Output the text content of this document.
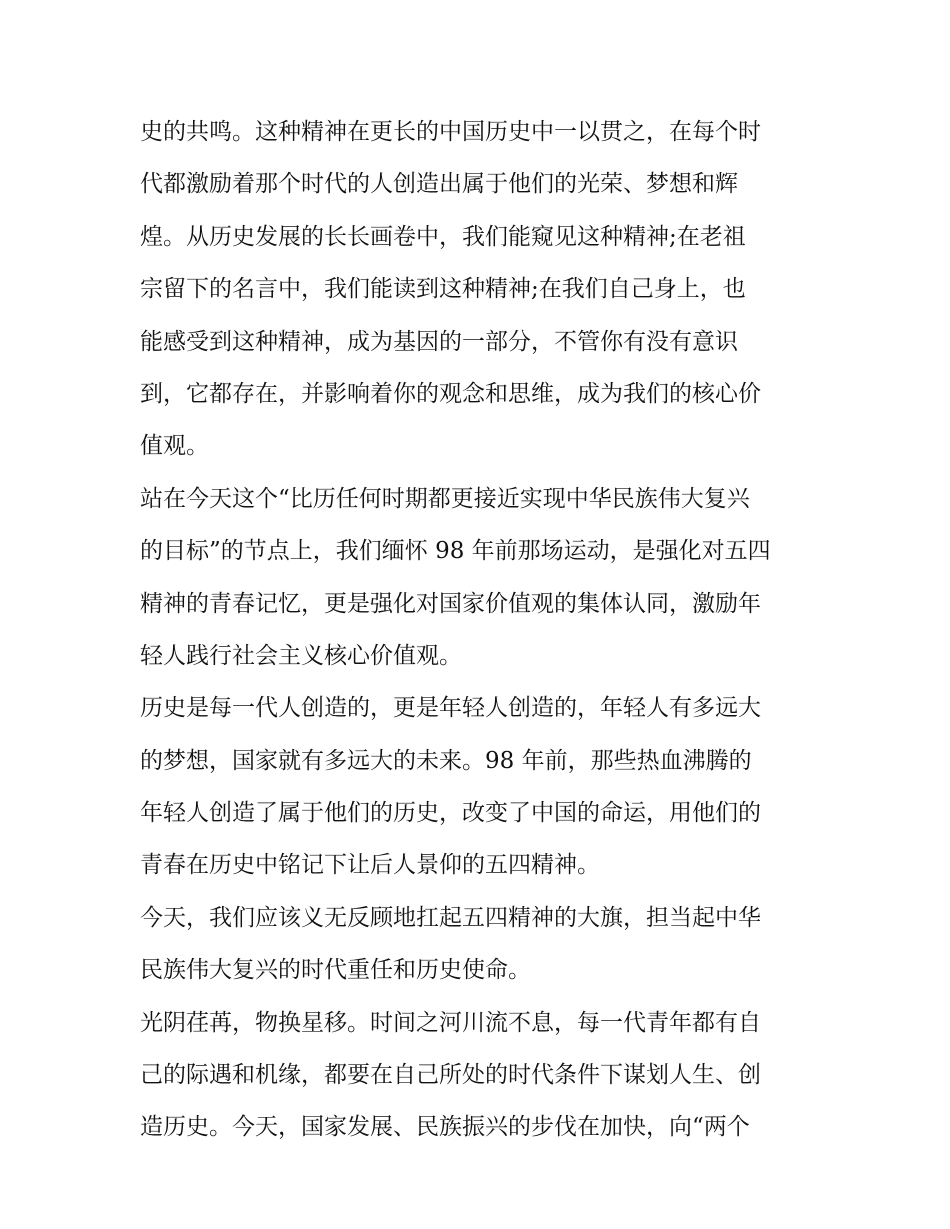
史的共鸣。这种精神在更长的中国历史中一以贯之，在每个时
代都激励着那个时代的人创造出属于他们的光荣、梦想和辉
煌。从历史发展的长长画卷中，我们能窥见这种精神;在老祖
宗留下的名言中，我们能读到这种精神;在我们自己身上，也
能感受到这种精神，成为基因的一部分，不管你有没有意识
到，它都存在，并影响着你的观念和思维，成为我们的核心价
值观。
站在今天这个“比历任何时期都更接近实现中华民族伟大复兴
的目标”的节点上，我们缅怀 98 年前那场运动，是强化对五四
精神的青春记忆，更是强化对国家价值观的集体认同，激励年
轻人践行社会主义核心价值观。
历史是每一代人创造的，更是年轻人创造的，年轻人有多远大
的梦想，国家就有多远大的未来。98 年前，那些热血沸腾的
年轻人创造了属于他们的历史，改变了中国的命运，用他们的
青春在历史中铭记下让后人景仰的五四精神。
今天，我们应该义无反顾地扛起五四精神的大旗，担当起中华
民族伟大复兴的时代重任和历史使命。
光阴荏苒，物换星移。时间之河川流不息，每一代青年都有自
己的际遇和机缘，都要在自己所处的时代条件下谋划人生、创
造历史。今天，国家发展、民族振兴的步伐在加快，向“两个
